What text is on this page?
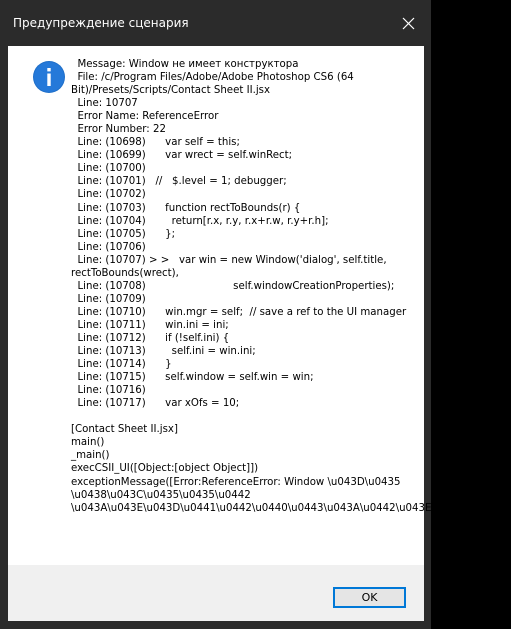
Предупреждение сценария
Message: Window не имеет конструктора
File: /c/Program Files/Adobe/Adobe Photoshop CS6 (64 Bit)/Presets/Scripts/Contact Sheet II.jsx
Line: 10707
Error Name: ReferenceError
Error Number: 22
Line: (10698)      var self = this;
Line: (10699)      var wrect = self.winRect;
Line: (10700)
Line: (10701)   //   $.level = 1; debugger;
Line: (10702)
Line: (10703)      function rectToBounds(r) {
Line: (10704)        return[r.x, r.y, r.x+r.w, r.y+r.h];
Line: (10705)      };
Line: (10706)
Line: (10707) > >   var win = new Window('dialog', self.title, rectToBounds(wrect),
Line: (10708)                           self.windowCreationProperties);
Line: (10709)
Line: (10710)      win.mgr = self;  // save a ref to the UI manager
Line: (10711)      win.ini = ini;
Line: (10712)      if (!self.ini) {
Line: (10713)        self.ini = win.ini;
Line: (10714)      }
Line: (10715)      self.window = self.win = win;
Line: (10716)
Line: (10717)      var xOfs = 10;
[Contact Sheet II.jsx]
main()
_main()
execCSII_UI([Object:[object Object]])
exceptionMessage([Error:ReferenceError: Window \u043D\u0435 \u0438\u043C\u0435\u0435\u0442 \u043A\u043E\u043D\u0441\u0442\u0440\u0443\u043A\u0442\u043E\u0440\u0430])
OK
